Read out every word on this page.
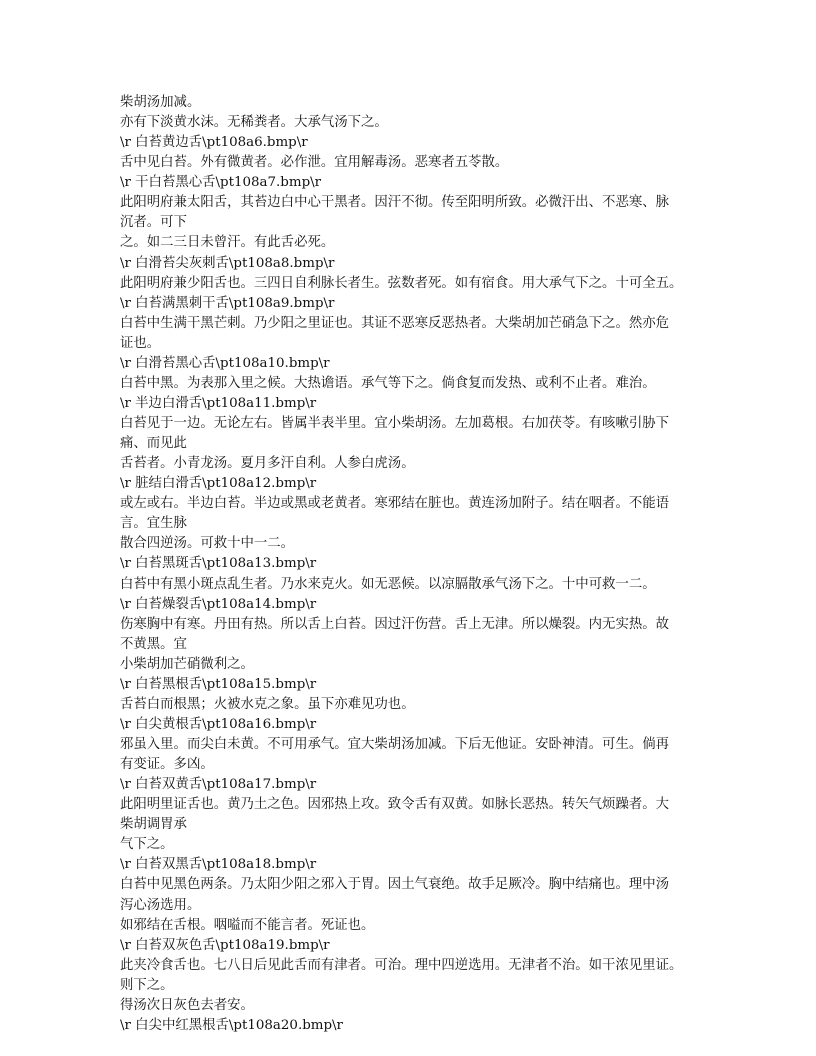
柴胡汤加减。
亦有下淡黄水沫。无稀粪者。大承气汤下之。
\r 白苔黄边舌\pt108a6.bmp\r
舌中见白苔。外有微黄者。必作泄。宜用解毒汤。恶寒者五苓散。
\r 干白苔黑心舌\pt108a7.bmp\r
此阳明府兼太阳舌，其苔边白中心干黑者。因汗不彻。传至阳明所致。必微汗出、不恶寒、脉
沉者。可下
之。如二三日未曾汗。有此舌必死。
\r 白滑苔尖灰刺舌\pt108a8.bmp\r
此阳明府兼少阳舌也。三四日自利脉长者生。弦数者死。如有宿食。用大承气下之。十可全五。
\r 白苔满黑刺干舌\pt108a9.bmp\r
白苔中生满干黑芒刺。乃少阳之里证也。其证不恶寒反恶热者。大柴胡加芒硝急下之。然亦危
证也。
\r 白滑苔黑心舌\pt108a10.bmp\r
白苔中黑。为表那入里之候。大热谵语。承气等下之。倘食复而发热、或利不止者。难治。
\r 半边白滑舌\pt108a11.bmp\r
白苔见于一边。无论左右。皆属半表半里。宜小柴胡汤。左加葛根。右加茯苓。有咳嗽引胁下
痛、而见此
舌苔者。小青龙汤。夏月多汗自利。人参白虎汤。
\r 脏结白滑舌\pt108a12.bmp\r
或左或右。半边白苔。半边或黑或老黄者。寒邪结在脏也。黄连汤加附子。结在咽者。不能语
言。宜生脉
散合四逆汤。可救十中一二。
\r 白苔黑斑舌\pt108a13.bmp\r
白苔中有黑小斑点乱生者。乃水来克火。如无恶候。以凉膈散承气汤下之。十中可救一二。
\r 白苔燥裂舌\pt108a14.bmp\r
伤寒胸中有寒。丹田有热。所以舌上白苔。因过汗伤营。舌上无津。所以燥裂。内无实热。故
不黄黑。宜
小柴胡加芒硝微利之。
\r 白苔黑根舌\pt108a15.bmp\r
舌苔白而根黑；火被水克之象。虽下亦难见功也。
\r 白尖黄根舌\pt108a16.bmp\r
邪虽入里。而尖白未黄。不可用承气。宜大柴胡汤加减。下后无他证。安卧神清。可生。倘再
有变证。多凶。
\r 白苔双黄舌\pt108a17.bmp\r
此阳明里证舌也。黄乃土之色。因邪热上攻。致令舌有双黄。如脉长恶热。转矢气烦躁者。大
柴胡调胃承
气下之。
\r 白苔双黑舌\pt108a18.bmp\r
白苔中见黑色两条。乃太阳少阳之邪入于胃。因土气衰绝。故手足厥冷。胸中结痛也。理中汤
泻心汤选用。
如邪结在舌根。咽嗌而不能言者。死证也。
\r 白苔双灰色舌\pt108a19.bmp\r
此夹冷食舌也。七八日后见此舌而有津者。可治。理中四逆选用。无津者不治。如干浓见里证。
则下之。
得汤次日灰色去者安。
\r 白尖中红黑根舌\pt108a20.bmp\r
